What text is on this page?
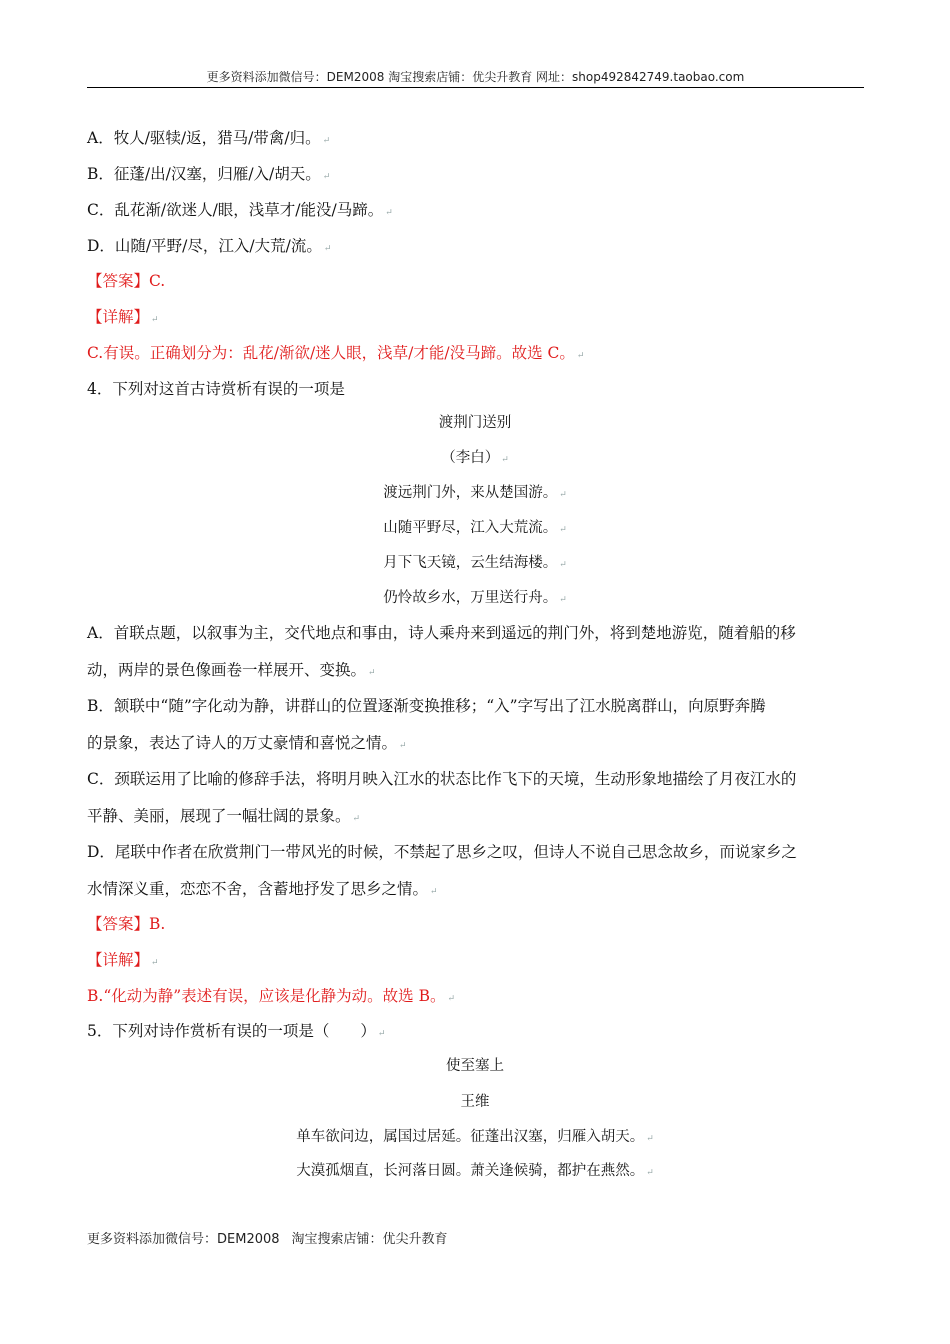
更多资料添加微信号：DEM2008 淘宝搜索店铺：优尖升教育 网址：shop492842749.taobao.com
A．牧人/驱犊/返，猎马/带禽/归。 ↵
B．征蓬/出/汉塞，归雁/入/胡天。 ↵
C．乱花渐/欲迷人/眼，浅草才/能没/马蹄。 ↵
D．山随/平野/尽，江入/大荒/流。 ↵
【答案】C.
【详解】 ↵
C.有误。正确划分为：乱花/渐欲/迷人眼，浅草/才能/没马蹄。故选 C。 ↵
4．下列对这首古诗赏析有误的一项是
渡荆门送别
（李白） ↵
渡远荆门外，来从楚国游。 ↵
山随平野尽，江入大荒流。 ↵
月下飞天镜，云生结海楼。 ↵
仍怜故乡水，万里送行舟。 ↵
A．首联点题，以叙事为主，交代地点和事由，诗人乘舟来到遥远的荆门外，将到楚地游览，随着船的移
动，两岸的景色像画卷一样展开、变换。 ↵
B．颔联中“随”字化动为静，讲群山的位置逐渐变换推移；“入”字写出了江水脱离群山，向原野奔腾
的景象，表达了诗人的万丈豪情和喜悦之情。 ↵
C．颈联运用了比喻的修辞手法，将明月映入江水的状态比作飞下的天境，生动形象地描绘了月夜江水的
平静、美丽，展现了一幅壮阔的景象。 ↵
D．尾联中作者在欣赏荆门一带风光的时候，不禁起了思乡之叹，但诗人不说自己思念故乡，而说家乡之
水情深义重，恋恋不舍，含蓄地抒发了思乡之情。 ↵
【答案】B.
【详解】 ↵
B.“化动为静”表述有误，应该是化静为动。故选 B。 ↵
5．下列对诗作赏析有误的一项是（　　） ↵
使至塞上
王维
单车欲问边，属国过居延。征蓬出汉塞，归雁入胡天。 ↵
大漠孤烟直，长河落日圆。萧关逢候骑，都护在燕然。 ↵
更多资料添加微信号：DEM2008 淘宝搜索店铺：优尖升教育
